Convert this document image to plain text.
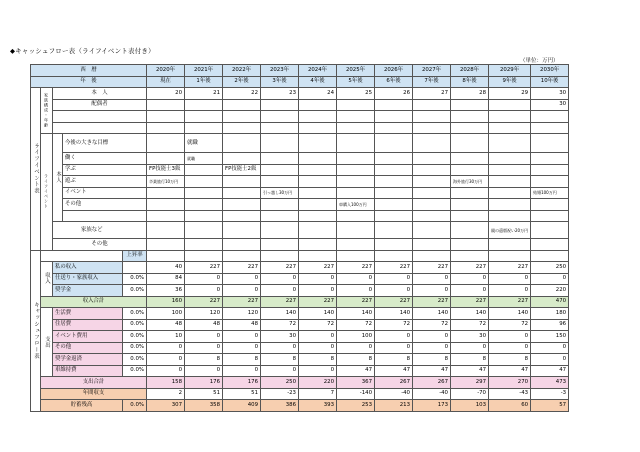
◆キャッシュフロー表（ライフイベント表付き）
（単位：万円）
西　暦					2020年	2021年	2022年	2023年	2024年	2025年	2026年	2027年	2028年	2029年	2030年
年　後					現在	1年後	2年後	3年後	4年後	5年後	6年後	7年後	8年後	9年後	10年後
ライフイベント表	家族構成・年齢	本　人			20	21	22	23	24	25	26	27	28	29	30
		配偶者													30

	ライフイベント	本人	今後の大きな目標			就職									
			働く			就職									
			学ぶ		FP技能士3級		FP技能士2級								
			遊ぶ		卒業旅行10万円								海外旅行30万円		
			イベント					引っ越し30万円							結婚100万円
			その他							車購入100万円					

		家族など												親の還暦祝い20万円	
		その他													
キャッシュフロー表				上昇率											
	収入	私の収入			40	227	227	227	227	227	227	227	227	227	250
		仕送り・家族収入		0.0%	84	0	0	0	0	0	0	0	0	0	0
		奨学金		0.0%	36	0	0	0	0	0	0	0	0	0	220
	収入合計				160	227	227	227	227	227	227	227	227	227	470
	支出	生活費		0.0%	100	120	120	140	140	140	140	140	140	140	180
		住居費		0.0%	48	48	48	72	72	72	72	72	72	72	96
		イベント費用		0.0%	10	0	0	30	0	100	0	0	30	0	150
		その他		0.0%	0	0	0	0	0	0	0	0	0	0	0
		奨学金返済		0.0%	0	8	8	8	8	8	8	8	8	8	0
		車維持費		0.0%	0	0	0	0	0	47	47	47	47	47	47
	支出合計				158	176	176	250	220	367	267	267	297	270	473
	年間収支				2	51	51	-23	7	-140	-40	-40	-70	-43	-3
	貯蓄残高			0.0%	307	358	409	386	393	253	213	173	103	60	57
